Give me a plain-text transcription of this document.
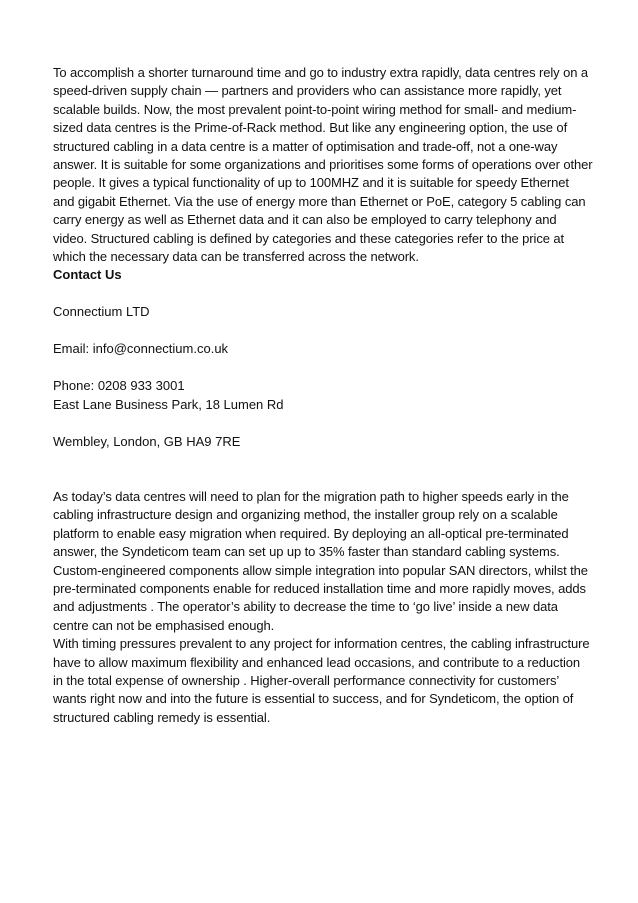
To accomplish a shorter turnaround time and go to industry extra rapidly, data centres rely on a speed-driven supply chain — partners and providers who can assistance more rapidly, yet scalable builds. Now, the most prevalent point-to-point wiring method for small- and medium-sized data centres is the Prime-of-Rack method. But like any engineering option, the use of structured cabling in a data centre is a matter of optimisation and trade-off, not a one-way answer. It is suitable for some organizations and prioritises some forms of operations over other people. It gives a typical functionality of up to 100MHZ and it is suitable for speedy Ethernet and gigabit Ethernet. Via the use of energy more than Ethernet or PoE, category 5 cabling can carry energy as well as Ethernet data and it can also be employed to carry telephony and video. Structured cabling is defined by categories and these categories refer to the price at which the necessary data can be transferred across the network.

Contact Us

Connectium LTD

Email: info@connectium.co.uk

Phone: 0208 933 3001

East Lane Business Park, 18 Lumen Rd

Wembley, London, GB HA9 7RE

As today’s data centres will need to plan for the migration path to higher speeds early in the cabling infrastructure design and organizing method, the installer group rely on a scalable platform to enable easy migration when required. By deploying an all-optical pre-terminated answer, the Syndeticom team can set up up to 35% faster than standard cabling systems. Custom-engineered components allow simple integration into popular SAN directors, whilst the pre-terminated components enable for reduced installation time and more rapidly moves, adds and adjustments . The operator’s ability to decrease the time to ‘go live’ inside a new data centre can not be emphasised enough.

With timing pressures prevalent to any project for information centres, the cabling infrastructure have to allow maximum flexibility and enhanced lead occasions, and contribute to a reduction in the total expense of ownership . Higher-overall performance connectivity for customers’ wants right now and into the future is essential to success, and for Syndeticom, the option of structured cabling remedy is essential.
